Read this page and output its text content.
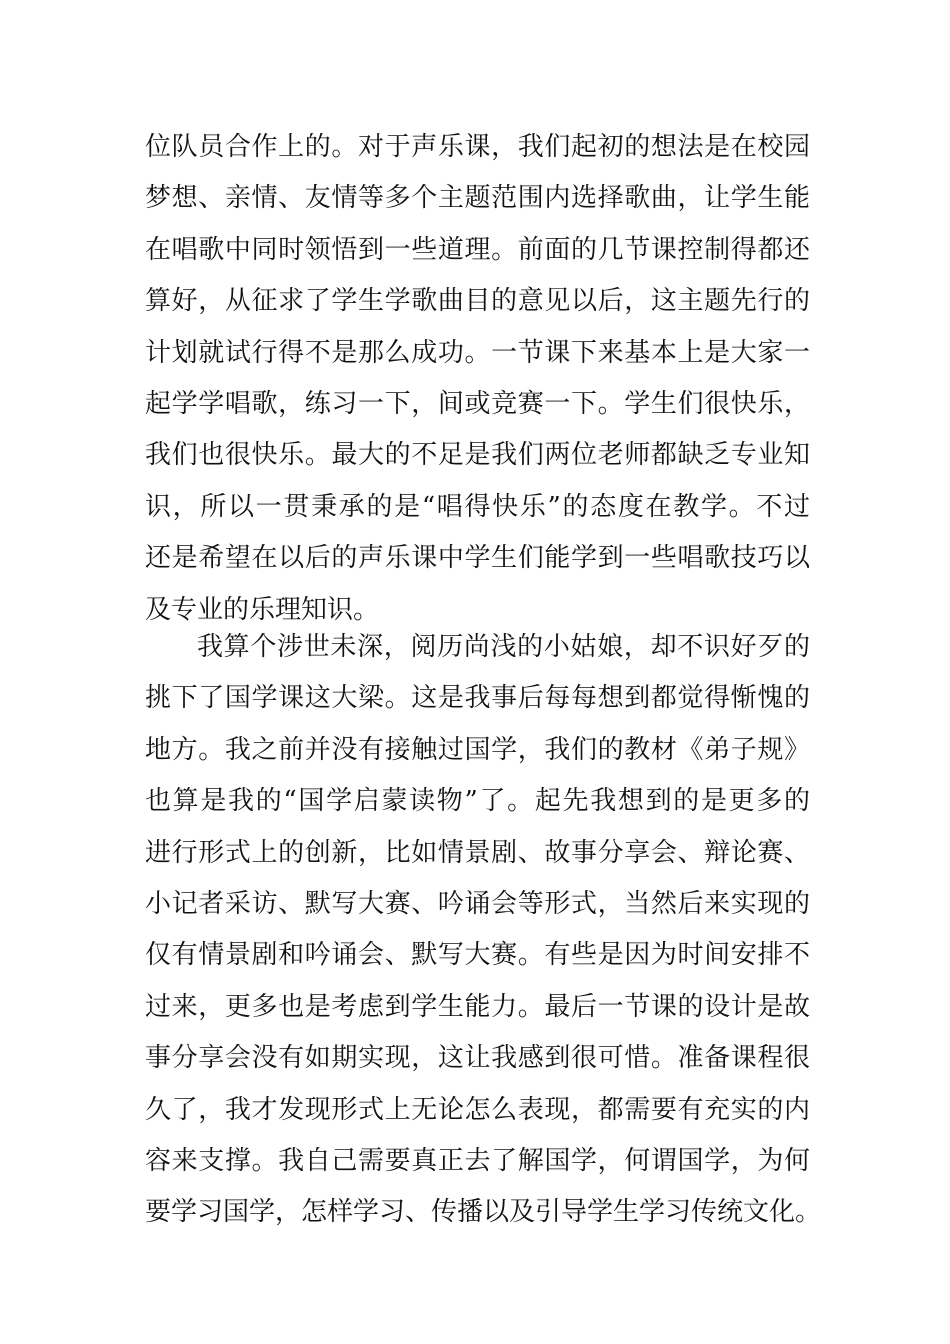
位队员合作上的。对于声乐课，我们起初的想法是在校园
梦想、亲情、友情等多个主题范围内选择歌曲，让学生能
在唱歌中同时领悟到一些道理。前面的几节课控制得都还
算好，从征求了学生学歌曲目的意见以后，这主题先行的
计划就试行得不是那么成功。一节课下来基本上是大家一
起学学唱歌，练习一下，间或竞赛一下。学生们很快乐，
我们也很快乐。最大的不足是我们两位老师都缺乏专业知
识，所以一贯秉承的是“唱得快乐”的态度在教学。不过
还是希望在以后的声乐课中学生们能学到一些唱歌技巧以
及专业的乐理知识。
我算个涉世未深，阅历尚浅的小姑娘，却不识好歹的
挑下了国学课这大梁。这是我事后每每想到都觉得惭愧的
地方。我之前并没有接触过国学，我们的教材《弟子规》
也算是我的“国学启蒙读物”了。起先我想到的是更多的
进行形式上的创新，比如情景剧、故事分享会、辩论赛、
小记者采访、默写大赛、吟诵会等形式，当然后来实现的
仅有情景剧和吟诵会、默写大赛。有些是因为时间安排不
过来，更多也是考虑到学生能力。最后一节课的设计是故
事分享会没有如期实现，这让我感到很可惜。准备课程很
久了，我才发现形式上无论怎么表现，都需要有充实的内
容来支撑。我自己需要真正去了解国学，何谓国学，为何
要学习国学，怎样学习、传播以及引导学生学习传统文化。
